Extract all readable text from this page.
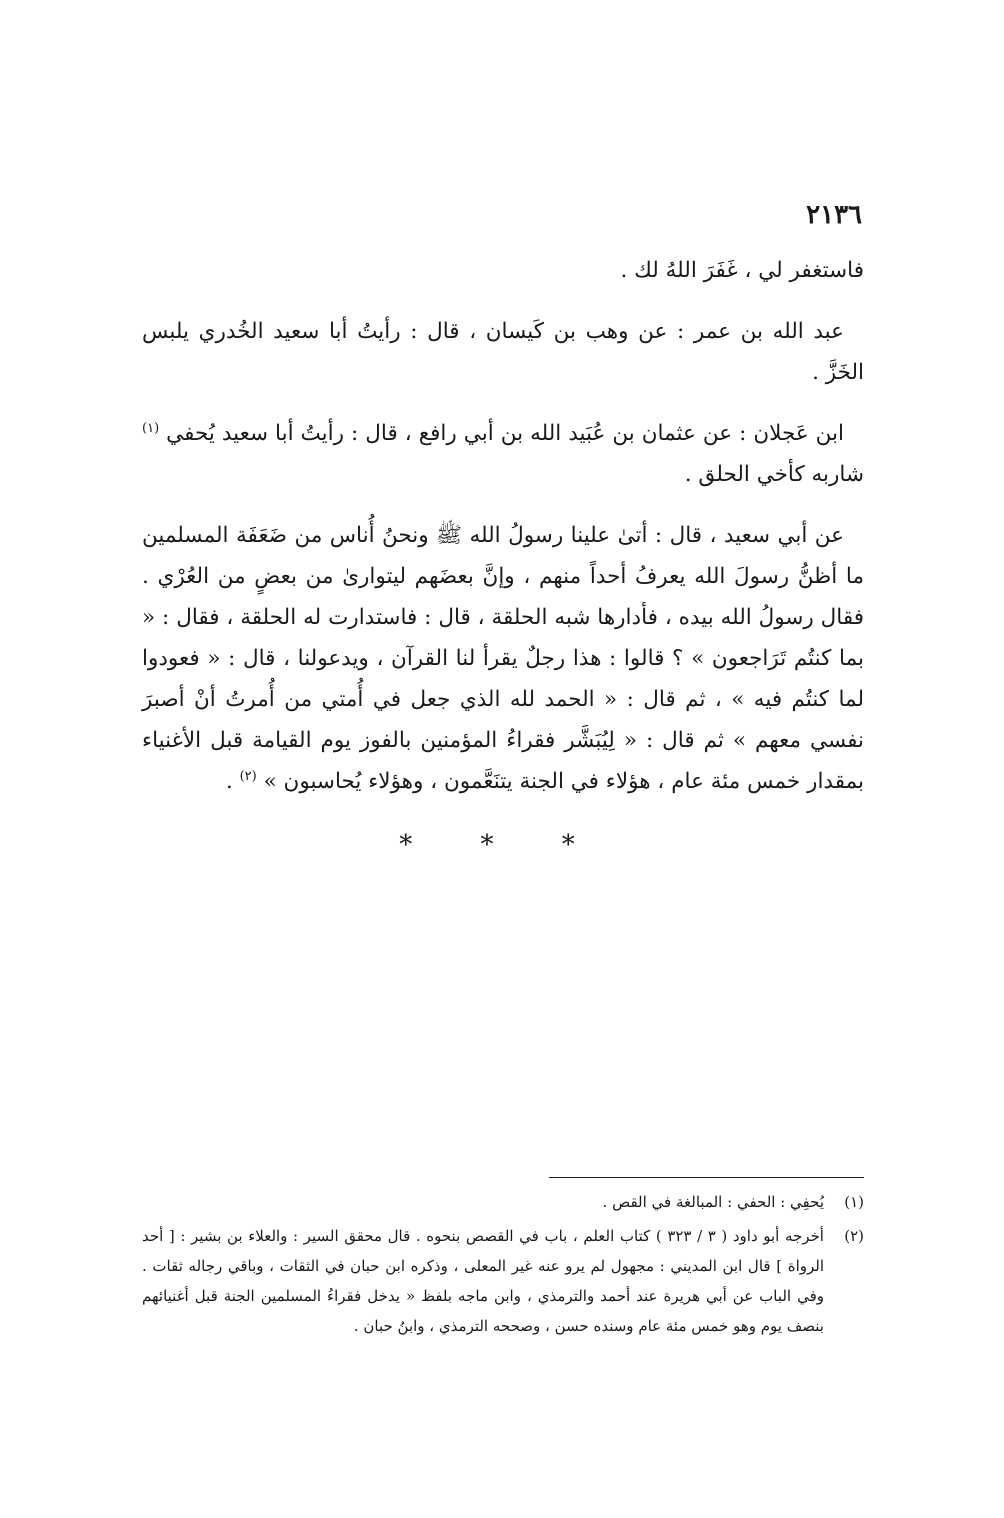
٢١٣٦

فاستغفر لي ، غَفَرَ اللهُ لك .

عبد الله بن عمر : عن وهب بن كَيسان ، قال : رأيتُ أبا سعيد الخُدري يلبس الخَزَّ .

ابن عَجلان : عن عثمان بن عُبَيد الله بن أبي رافع ، قال : رأيتُ أبا سعيد يُحفي $^{(١)}$ شاربه كأخي الحلق .

عن أبي سعيد ، قال : أتىٰ علينا رسولُ الله ﷺ ونحنُ أُناس من ضَعَفَة المسلمين ما أظنُّ رسولَ الله يعرفُ أحداً منهم ، وإنَّ بعضَهم ليتوارىٰ من بعضٍ من العُرْي . فقال رسولُ الله بيده ، فأدارها شبه الحلقة ، قال : فاستدارت له الحلقة ، فقال : « بما كنتُم تَرَاجعون » ؟ قالوا : هذا رجلٌ يقرأ لنا القرآن ، ويدعولنا ، قال : « فعودوا لما كنتُم فيه » ، ثم قال : « الحمد لله الذي جعل في أُمتي من أُمرتُ أنْ أصبرَ نفسي معهم » ثم قال : « لِيُبَشَّر فقراءُ المؤمنين بالفوز يوم القيامة قبل الأغنياء بمقدار خمس مئة عام ، هؤلاء في الجنة يتنَعَّمون ، وهؤلاء يُحاسبون » $^{(٢)}$ .

* * *
(١)
يُحفِي : الحفي : المبالغة في القص .
(٢)
أخرجه أبو داود ( ٣ / ٣٢٣ ) كتاب العلم ، باب في القصص بنحوه . قال محقق السير : والعلاء بن بشير : [ أحد الرواة ] قال ابن المديني : مجهول لم يرو عنه غير المعلى ، وذكره ابن حبان في الثقات ، وباقي رجاله ثقات . وفي الباب عن أبي هريرة عند أحمد والترمذي ، وابن ماجه بلفظ « يدخل فقراءُ المسلمين الجنة قبل أغنيائهم بنصف يوم وهو خمس مئة عام وسنده حسن ، وصححه الترمذي ، وابنُ حبان .
